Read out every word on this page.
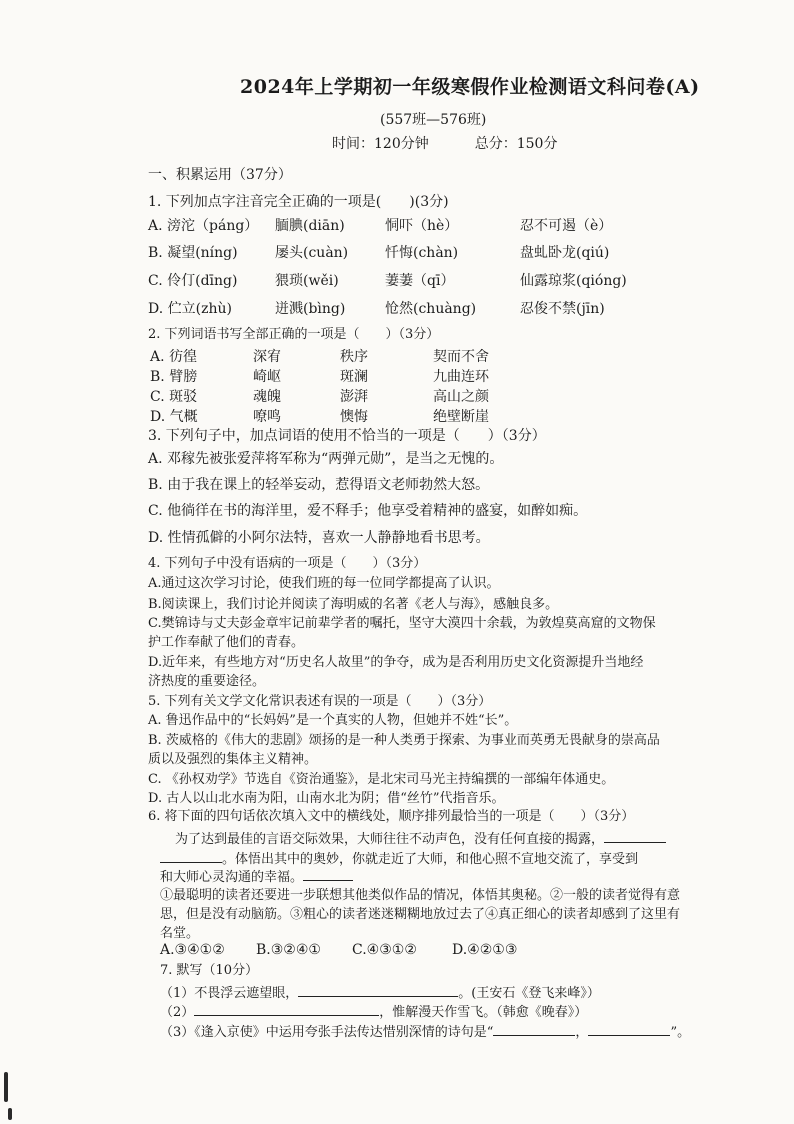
2024年上学期初一年级寒假作业检测语文科问卷(A)
(557班—576班)
时间：120分钟	总分：150分
一、积累运用（37分）
1. 下列加点字注音完全正确的一项是(　　)(3分)
A. 滂沱（páng） 腼腆(diān)	恫吓（hè）	忍不可遏（è）
B. 凝望(níng)	屡头(cuàn)	忏悔(chàn)	盘虬卧龙(qiú)
C. 伶仃(dīng)	猥琐(wěi)	萋萋（qī）	仙露琼浆(qióng)
D. 伫立(zhù)	迸溅(bìng)	怆然(chuàng)	忍俊不禁(jīn)
2. 下列词语书写全部正确的一项是（　　）（3分）
A. 彷徨	深宥	秩序	契而不舍
B. 臂膀	崎岖	斑澜	九曲连环
C. 斑驳	魂魄	澎湃	高山之颜
D. 气概	嘹鸣	懊悔	绝壁断崖
3. 下列句子中，加点词语的使用不恰当的一项是（　　）（3分）
A. 邓稼先被张爱萍将军称为“两弹元勋”，是当之无愧的。
B. 由于我在课上的轻举妄动，惹得语文老师勃然大怒。
C. 他徜徉在书的海洋里，爱不释手；他享受着精神的盛宴，如醉如痴。
D. 性情孤僻的小阿尔法特，喜欢一人静静地看书思考。
4. 下列句子中没有语病的一项是（　　）（3分）
A.通过这次学习讨论，使我们班的每一位同学都提高了认识。
B.阅读课上，我们讨论并阅读了海明威的名著《老人与海》，感触良多。
C.樊锦诗与丈夫彭金章牢记前辈学者的嘱托，坚守大漠四十余载，为敦煌莫高窟的文物保
护工作奉献了他们的青春。
D.近年来，有些地方对“历史名人故里”的争夺，成为是否利用历史文化资源提升当地经
济热度的重要途径。
5. 下列有关文学文化常识表述有误的一项是（　　）（3分）
A. 鲁迅作品中的“长妈妈”是一个真实的人物，但她并不姓“长”。
B. 茨威格的《伟大的悲剧》颂扬的是一种人类勇于探索、为事业而英勇无畏献身的崇高品
质以及强烈的集体主义精神。
C. 《孙权劝学》节选自《资治通鉴》，是北宋司马光主持编撰的一部编年体通史。
D. 古人以山北水南为阳，山南水北为阴；借“丝竹”代指音乐。
6. 将下面的四句话依次填入文中的横线处，顺序排列最恰当的一项是（　　）（3分）
为了达到最佳的言语交际效果，大师往往不动声色，没有任何直接的揭露，
。体悟出其中的奥妙，你就走近了大师，和他心照不宣地交流了，享受到
和大师心灵沟通的幸福。
①最聪明的读者还要进一步联想其他类似作品的情况，体悟其奥秘。②一般的读者觉得有意
思，但是没有动脑筋。③粗心的读者迷迷糊糊地放过去了④真正细心的读者却感到了这里有
名堂。
A.③④①② B.③②④① C.④③①②	D.④②①③
7. 默写（10分）
（1）不畏浮云遮望眼，	。(王安石《登飞来峰》）
（2）	，惟解漫天作雪飞。（韩愈《晚春》）
（3）《逢入京使》中运用夸张手法传达惜别深情的诗句是“	，	”。
